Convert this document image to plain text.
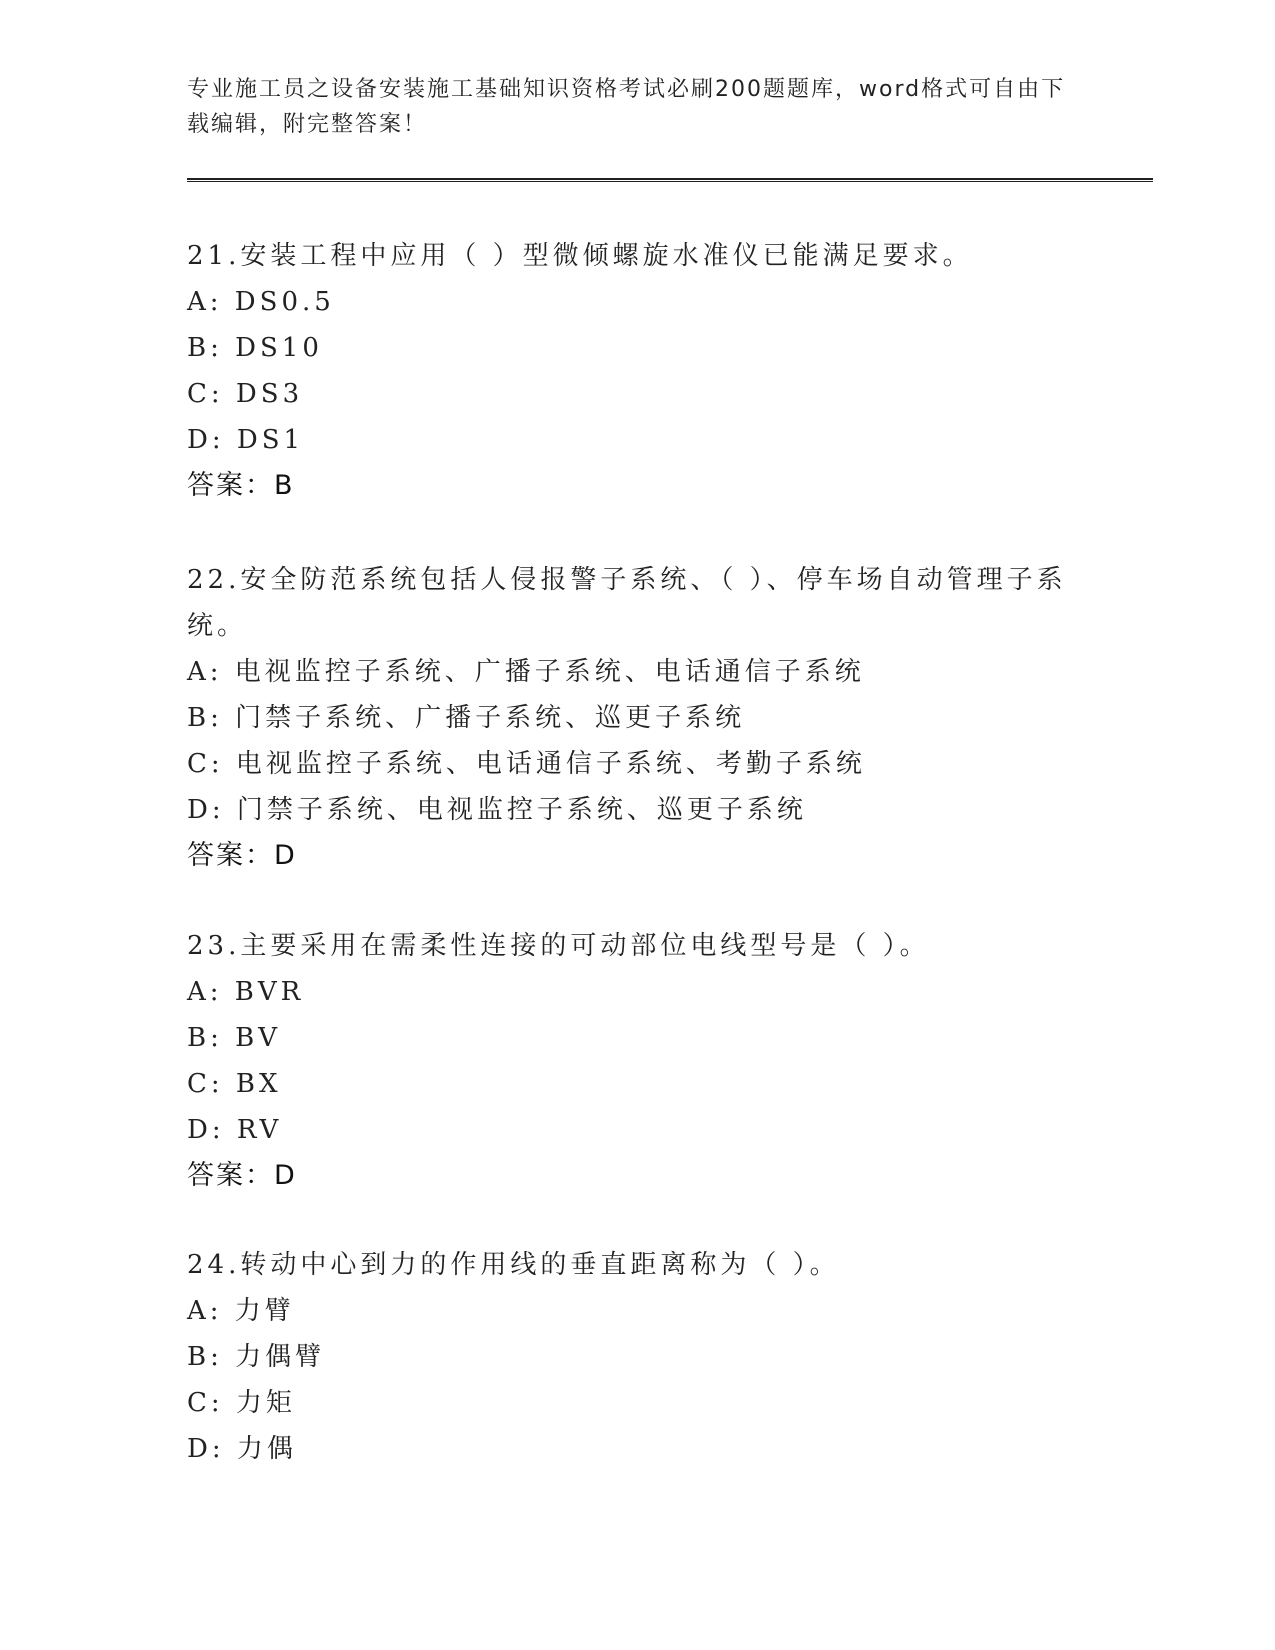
专业施工员之设备安装施工基础知识资格考试必刷200题题库，word格式可自由下载编辑，附完整答案！
21.安装工程中应用（ ）型微倾螺旋水准仪已能满足要求。
A: DS0.5
B: DS10
C: DS3
D: DS1
答案：B
22.安全防范系统包括人侵报警子系统、（ ）、停车场自动管理子系统。
A: 电视监控子系统、广播子系统、电话通信子系统
B: 门禁子系统、广播子系统、巡更子系统
C: 电视监控子系统、电话通信子系统、考勤子系统
D: 门禁子系统、电视监控子系统、巡更子系统
答案：D
23.主要采用在需柔性连接的可动部位电线型号是（ ）。
A: BVR
B: BV
C: BX
D: RV
答案：D
24.转动中心到力的作用线的垂直距离称为（ ）。
A: 力臂
B: 力偶臂
C: 力矩
D: 力偶
